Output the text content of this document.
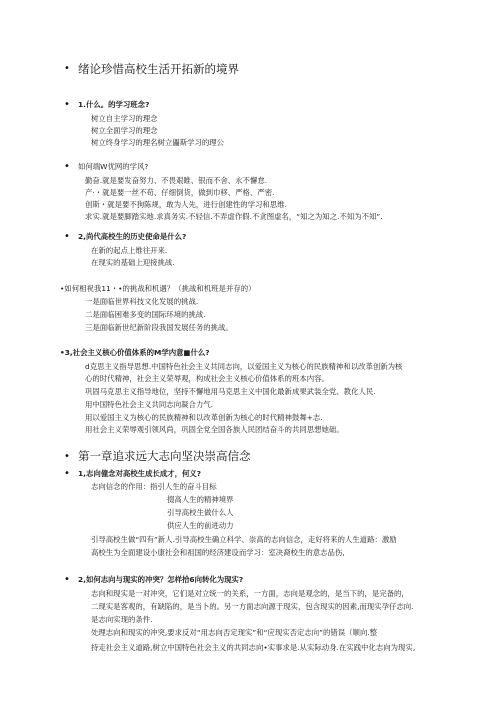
• 绪论珍惜高校生活开拓新的境界
• 1.什么。的学习班念?
树立自主学习的理念
树立全面学习的理念
树立终身学习的理名树立儡斯学习的理公
• 如何端W优网的学风?
勤奋.就是要发奋努力、不畏艰睢、银而不舍、永不懈怠.
产·・就是要一丝不苟、仔细倒货，做到巾移、严格、严密.
创斯・就是要不狗陈规，敢为人先，进行创建性的学习和思维.
求实.就是要脚踏实地.求真务实.不轻信.不弄虚作假.不贪图虚名，“知之为知之.不知为不知”.
• 2,尚代高校生的历史使命是什么?
在新的起点上维往开来.
在现实的基础上迎接挑战.
•如何相祝我11・•的挑战和机遇？（挑战和机班是并存的）
一是面临世界科技文化发展的挑战.
二是面临困难多变的国际环境的挑战.
三是面临新世纪新阶段我国发展任务的挑战。
•3,社会主义核心价值体系的M学内意■什么?
d克思主义指导思想.中国特色社会主义共同志向，以爱国主义为核心的民族精神和以改革创新为核
心的时代精神，社会主义荣辱观，构成社会主义核心价值体系的班本内容。
巩固马克思主义指导地位，坚持不懈地用马克思主义中国化最新成果武装全党、教化人民.
用中国特色社会主义共同志向凝合力气.
用以爱国主义为核心的民族精神和以改革创新为核心的时代精神鼓舞+志.
用社会主义荣辱观引领风尚，巩固全党全国各族人民团结奋斗的共同思想她础。
• 第一章追求远大志向坚决崇高信念
• 1,志向僮念对高校生成长成才，何义?
志向信念的作用：指引人生的奋斗目标
掇高人生的精神境界
引导高校生做什么人
供应人生的前进动力
引导高校生做“四有”新人.引导高校生确立科学、崇高的志向信念，走好将来的人生道路：激励
高校生为全面建设小康社会和祖国的经济建设而学习：室决裔校生的意志品伤,
• 2,如何志向与现实的冲突？怎样拾6向转化为现实?
志向和现实是一对冲突，它们是对立统一的关系，一方面，志向是观念的，是当下的，是完备的，
二现实是客观的，有缺陷的，是当卜的。另一方面志向源于现实，包含现实的因素,而现实孕仔志向.
是志向实现的条件.
处理志向和现实的冲突,要求反对“用志向否定现实”和“应现实否定志向”的错误（顺向.整
持走社会主义道路,树立中国特色社会主义的共同志向•实事求是.从实际动身.在实践中化志向为现实,
